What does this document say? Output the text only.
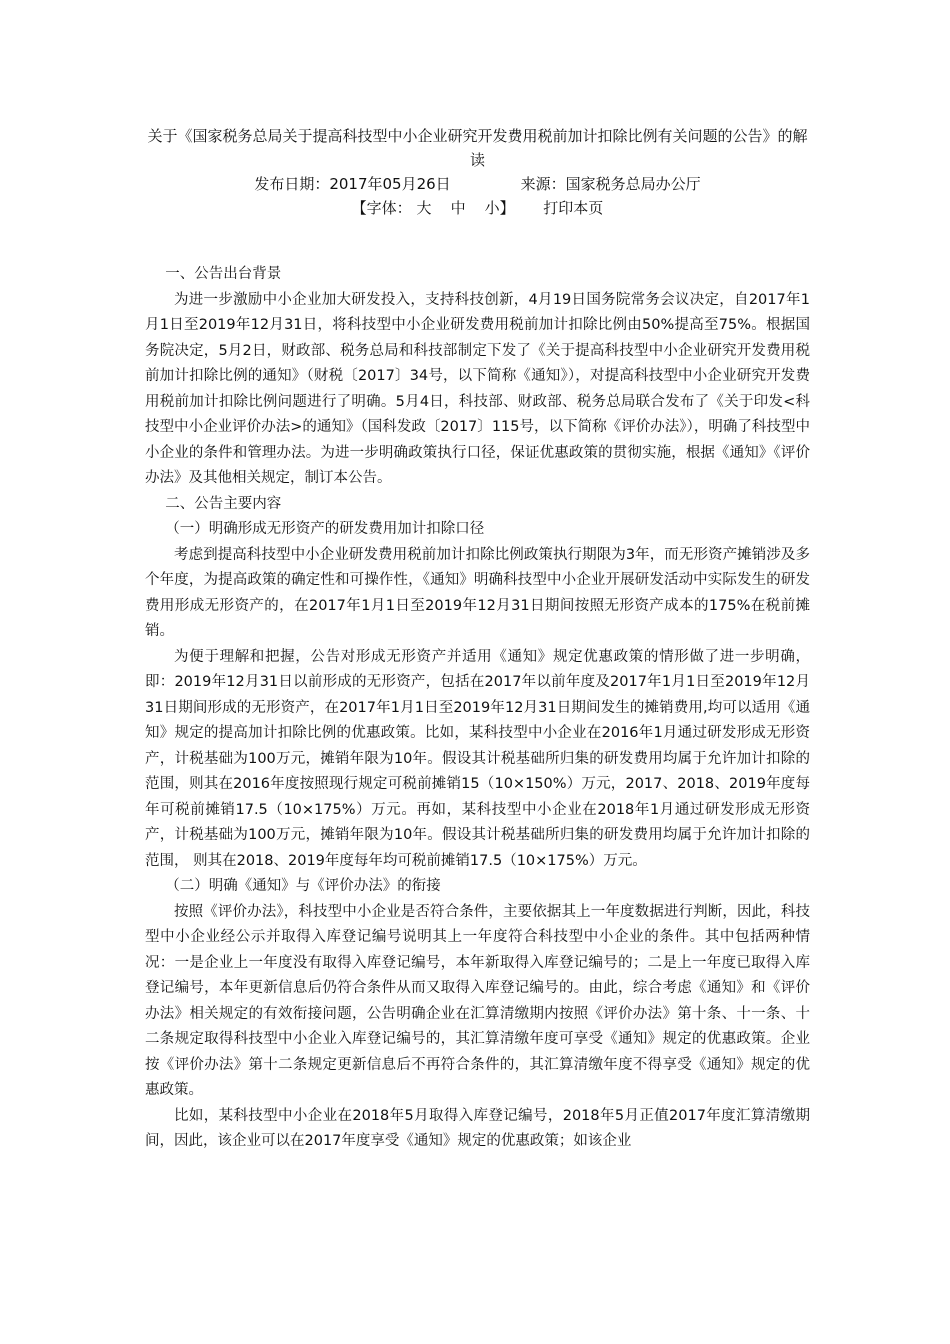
关于《国家税务总局关于提高科技型中小企业研究开发费用税前加计扣除比例有关问题的公告》的解读
发布日期：2017年05月26日	来源：国家税务总局办公厅
【字体： 大 中 小】 打印本页

一、公告出台背景

为进一步激励中小企业加大研发投入，支持科技创新，4月19日国务院常务会议决定，自2017年1月1日至2019年12月31日，将科技型中小企业研发费用税前加计扣除比例由50%提高至75%。根据国务院决定，5月2日，财政部、税务总局和科技部制定下发了《关于提高科技型中小企业研究开发费用税前加计扣除比例的通知》（财税〔2017〕34号，以下简称《通知》），对提高科技型中小企业研究开发费用税前加计扣除比例问题进行了明确。5月4日，科技部、财政部、税务总局联合发布了《关于印发<科技型中小企业评价办法>的通知》（国科发政〔2017〕115号，以下简称《评价办法》），明确了科技型中小企业的条件和管理办法。为进一步明确政策执行口径，保证优惠政策的贯彻实施，根据《通知》《评价办法》及其他相关规定，制订本公告。

二、公告主要内容

（一）明确形成无形资产的研发费用加计扣除口径

考虑到提高科技型中小企业研发费用税前加计扣除比例政策执行期限为3年，而无形资产摊销涉及多个年度，为提高政策的确定性和可操作性，《通知》明确科技型中小企业开展研发活动中实际发生的研发费用形成无形资产的，在2017年1月1日至2019年12月31日期间按照无形资产成本的175%在税前摊销。

为便于理解和把握，公告对形成无形资产并适用《通知》规定优惠政策的情形做了进一步明确，即：2019年12月31日以前形成的无形资产，包括在2017年以前年度及2017年1月1日至2019年12月31日期间形成的无形资产，在2017年1月1日至2019年12月31日期间发生的摊销费用,均可以适用《通知》规定的提高加计扣除比例的优惠政策。比如，某科技型中小企业在2016年1月通过研发形成无形资产，计税基础为100万元，摊销年限为10年。假设其计税基础所归集的研发费用均属于允许加计扣除的范围，则其在2016年度按照现行规定可税前摊销15（10×150%）万元，2017、2018、2019年度每年可税前摊销17.5（10×175%）万元。再如，某科技型中小企业在2018年1月通过研发形成无形资产，计税基础为100万元，摊销年限为10年。假设其计税基础所归集的研发费用均属于允许加计扣除的范围， 则其在2018、2019年度每年均可税前摊销17.5（10×175%）万元。

（二）明确《通知》与《评价办法》的衔接

按照《评价办法》，科技型中小企业是否符合条件，主要依据其上一年度数据进行判断，因此，科技型中小企业经公示并取得入库登记编号说明其上一年度符合科技型中小企业的条件。其中包括两种情况：一是企业上一年度没有取得入库登记编号，本年新取得入库登记编号的；二是上一年度已取得入库登记编号，本年更新信息后仍符合条件从而又取得入库登记编号的。由此，综合考虑《通知》和《评价办法》相关规定的有效衔接问题，公告明确企业在汇算清缴期内按照《评价办法》第十条、十一条、十二条规定取得科技型中小企业入库登记编号的，其汇算清缴年度可享受《通知》规定的优惠政策。企业按《评价办法》第十二条规定更新信息后不再符合条件的，其汇算清缴年度不得享受《通知》规定的优惠政策。

比如，某科技型中小企业在2018年5月取得入库登记编号，2018年5月正值2017年度汇算清缴期间，因此，该企业可以在2017年度享受《通知》规定的优惠政策；如该企业
